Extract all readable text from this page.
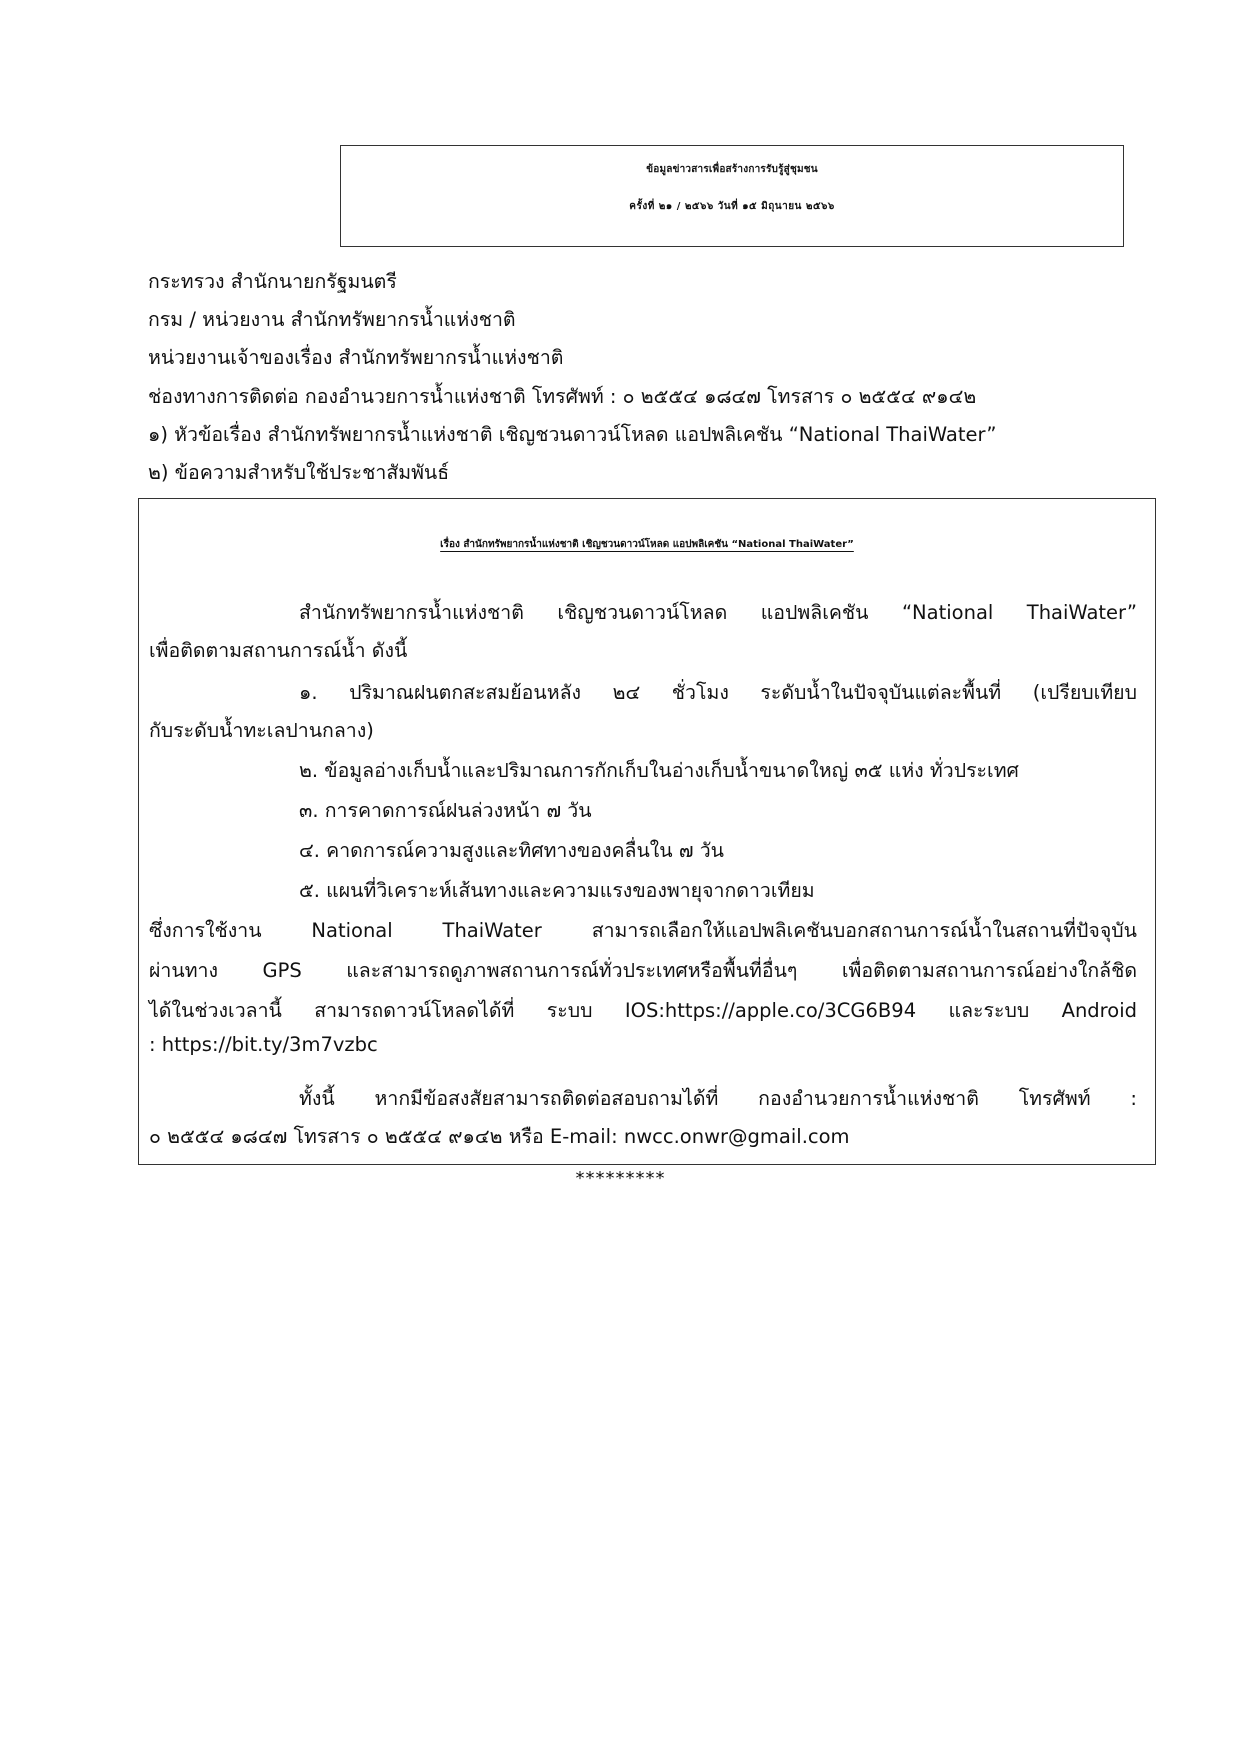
ข้อมูลข่าวสารเพื่อสร้างการรับรู้สู่ชุมชน
ครั้งที่ ๒๑ / ๒๕๖๖ วันที่ ๑๕ มิถุนายน ๒๕๖๖
กระทรวง สำนักนายกรัฐมนตรี
กรม / หน่วยงาน สำนักทรัพยากรน้ำแห่งชาติ
หน่วยงานเจ้าของเรื่อง สำนักทรัพยากรน้ำแห่งชาติ
ช่องทางการติดต่อ กองอำนวยการน้ำแห่งชาติ โทรศัพท์ : ๐ ๒๕๕๔ ๑๘๔๗ โทรสาร ๐ ๒๕๕๔ ๙๑๔๒
๑) หัวข้อเรื่อง สำนักทรัพยากรน้ำแห่งชาติ เชิญชวนดาวน์โหลด แอปพลิเคชัน “National ThaiWater”
๒) ข้อความสำหรับใช้ประชาสัมพันธ์
เรื่อง สำนักทรัพยากรน้ำแห่งชาติ เชิญชวนดาวน์โหลด แอปพลิเคชัน “National ThaiWater”
สำนักทรัพยากรน้ำแห่งชาติ เชิญชวนดาวน์โหลด แอปพลิเคชัน “National ThaiWater”
เพื่อติดตามสถานการณ์น้ำ ดังนี้
๑. ปริมาณฝนตกสะสมย้อนหลัง ๒๔ ชั่วโมง ระดับน้ำในปัจจุบันแต่ละพื้นที่ (เปรียบเทียบ
กับระดับน้ำทะเลปานกลาง)
๒. ข้อมูลอ่างเก็บน้ำและปริมาณการกักเก็บในอ่างเก็บน้ำขนาดใหญ่ ๓๕ แห่ง ทั่วประเทศ
๓. การคาดการณ์ฝนล่วงหน้า ๗ วัน
๔. คาดการณ์ความสูงและทิศทางของคลื่นใน ๗ วัน
๕. แผนที่วิเคราะห์เส้นทางและความแรงของพายุจากดาวเทียม
ซึ่งการใช้งาน National ThaiWater สามารถเลือกให้แอปพลิเคชันบอกสถานการณ์น้ำในสถานที่ปัจจุบัน
ผ่านทาง GPS และสามารถดูภาพสถานการณ์ทั่วประเทศหรือพื้นที่อื่นๆ เพื่อติดตามสถานการณ์อย่างใกล้ชิด
ได้ในช่วงเวลานี้ สามารถดาวน์โหลดได้ที่ ระบบ IOS:https://apple.co/3CG6B94 และระบบ Android
: https://bit.ty/3m7vzbc
ทั้งนี้ หากมีข้อสงสัยสามารถติดต่อสอบถามได้ที่ กองอำนวยการน้ำแห่งชาติ โทรศัพท์ :
๐ ๒๕๕๔ ๑๘๔๗ โทรสาร ๐ ๒๕๕๔ ๙๑๔๒ หรือ E-mail: nwcc.onwr@gmail.com
*********
